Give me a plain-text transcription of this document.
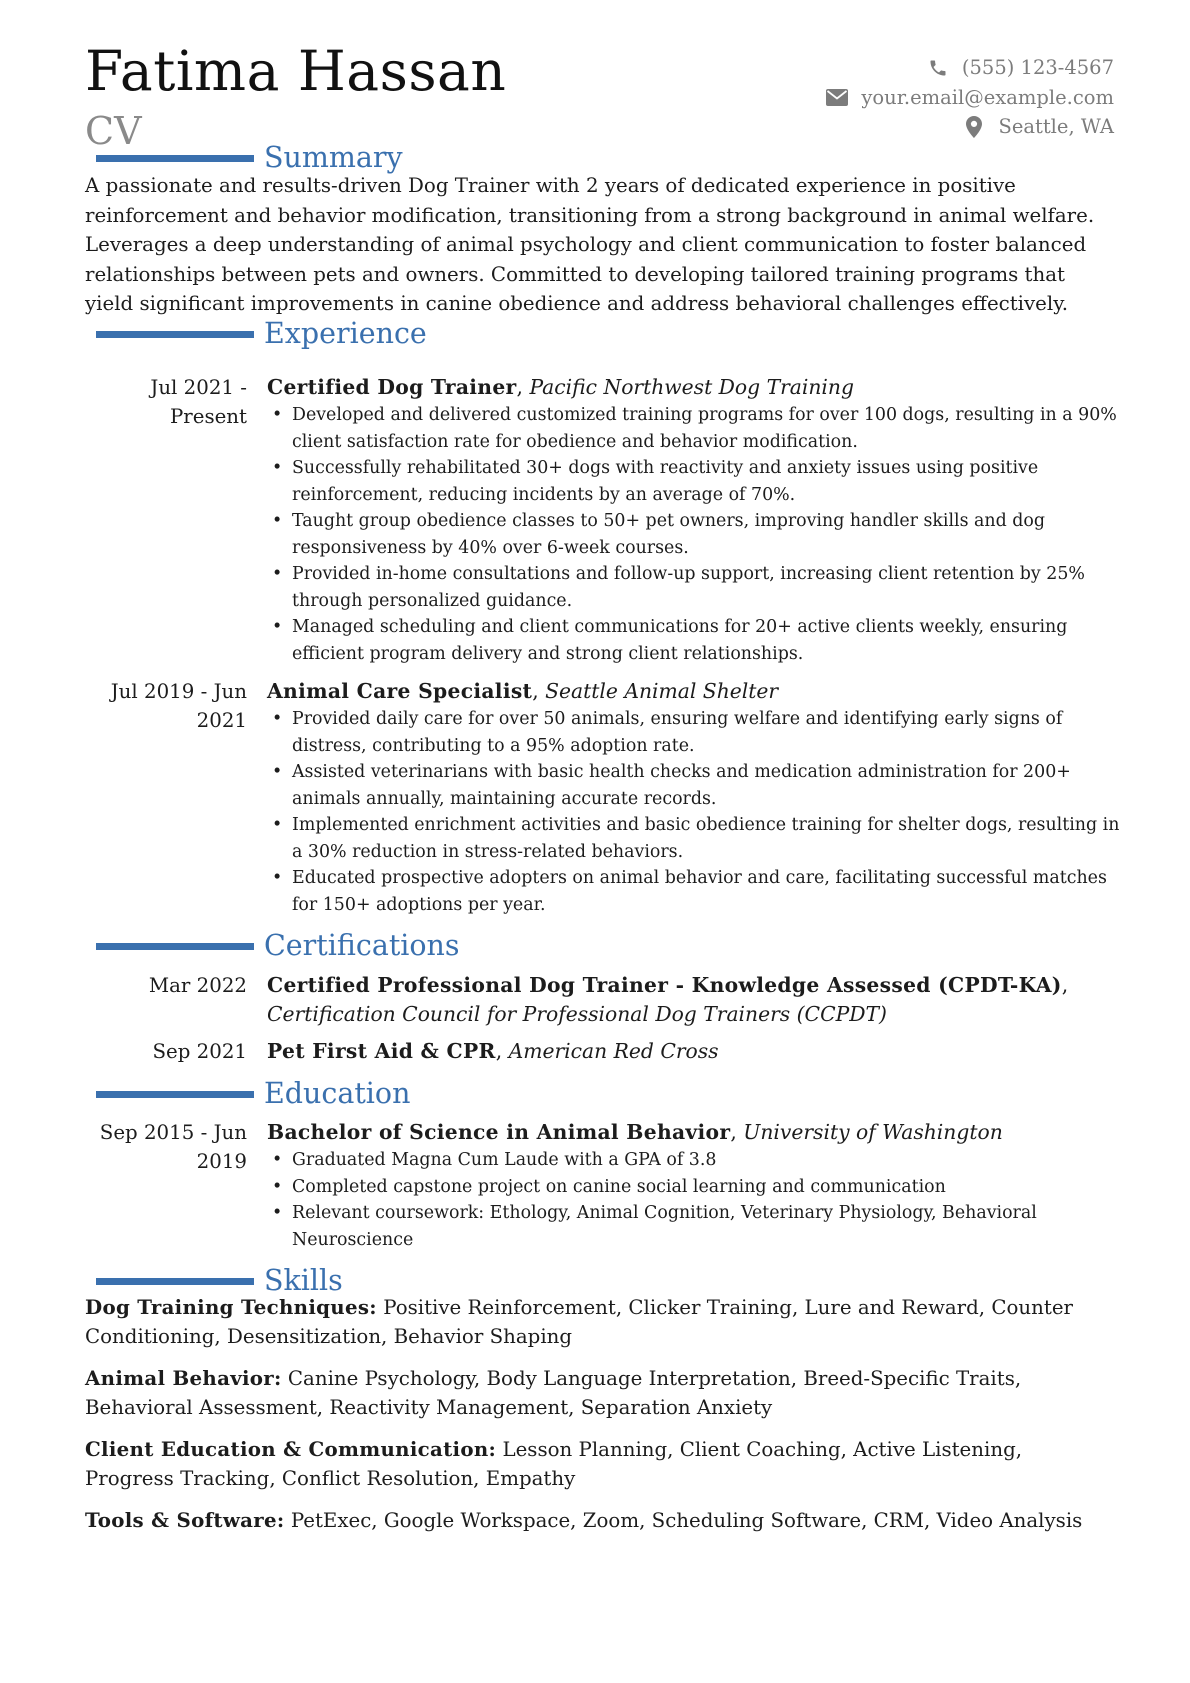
Fatima Hassan
CV
(555) 123-4567
your.email@example.com
Seattle, WA
Summary
A passionate and results-driven Dog Trainer with 2 years of dedicated experience in positive reinforcement and behavior modification, transitioning from a strong background in animal welfare. Leverages a deep understanding of animal psychology and client communication to foster balanced relationships between pets and owners. Committed to developing tailored training programs that yield significant improvements in canine obedience and address behavioral challenges effectively.
Experience
Jul 2021 - Present
Certified Dog Trainer, Pacific Northwest Dog Training
• Developed and delivered customized training programs for over 100 dogs, resulting in a 90% client satisfaction rate for obedience and behavior modification.
• Successfully rehabilitated 30+ dogs with reactivity and anxiety issues using positive reinforcement, reducing incidents by an average of 70%.
• Taught group obedience classes to 50+ pet owners, improving handler skills and dog responsiveness by 40% over 6-week courses.
• Provided in-home consultations and follow-up support, increasing client retention by 25% through personalized guidance.
• Managed scheduling and client communications for 20+ active clients weekly, ensuring efficient program delivery and strong client relationships.
Jul 2019 - Jun 2021
Animal Care Specialist, Seattle Animal Shelter
• Provided daily care for over 50 animals, ensuring welfare and identifying early signs of distress, contributing to a 95% adoption rate.
• Assisted veterinarians with basic health checks and medication administration for 200+ animals annually, maintaining accurate records.
• Implemented enrichment activities and basic obedience training for shelter dogs, resulting in a 30% reduction in stress-related behaviors.
• Educated prospective adopters on animal behavior and care, facilitating successful matches for 150+ adoptions per year.
Certifications
Mar 2022 Certified Professional Dog Trainer - Knowledge Assessed (CPDT-KA), Certification Council for Professional Dog Trainers (CCPDT)
Sep 2021 Pet First Aid & CPR, American Red Cross
Education
Sep 2015 - Jun 2019
Bachelor of Science in Animal Behavior, University of Washington
• Graduated Magna Cum Laude with a GPA of 3.8
• Completed capstone project on canine social learning and communication
• Relevant coursework: Ethology, Animal Cognition, Veterinary Physiology, Behavioral Neuroscience
Skills
Dog Training Techniques: Positive Reinforcement, Clicker Training, Lure and Reward, Counter Conditioning, Desensitization, Behavior Shaping
Animal Behavior: Canine Psychology, Body Language Interpretation, Breed-Specific Traits, Behavioral Assessment, Reactivity Management, Separation Anxiety
Client Education & Communication: Lesson Planning, Client Coaching, Active Listening, Progress Tracking, Conflict Resolution, Empathy
Tools & Software: PetExec, Google Workspace, Zoom, Scheduling Software, CRM, Video Analysis
